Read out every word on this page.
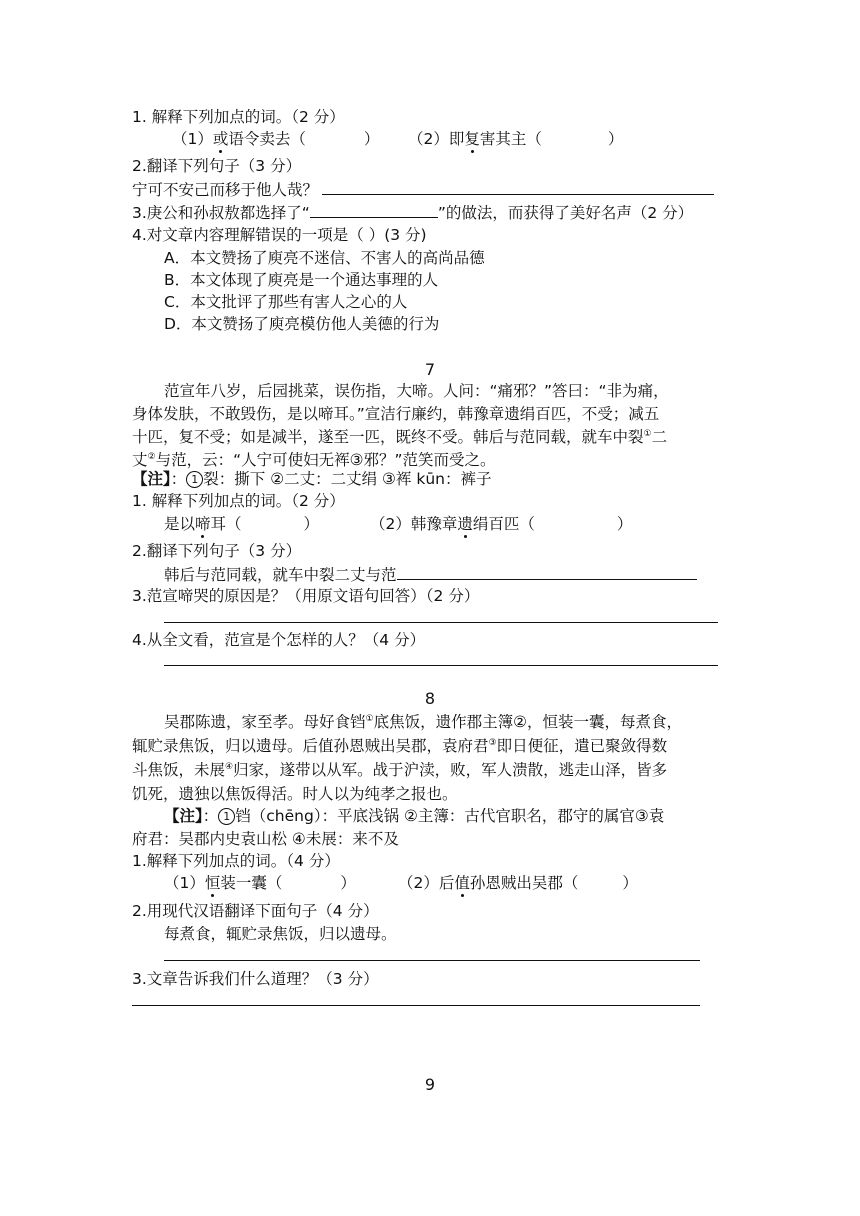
1. 解释下列加点的词。（2 分）
（1）或语令卖去（	） （2）即复害其主（	）
2.翻译下列句子（3 分）
宁可不安己而移于他人哉？
3.庚公和孙叔敖都选择了“	”的做法，而获得了美好名声（2 分）
4.对文章内容理解错误的一项是（ ）(3 分)
A．本文赞扬了庾亮不迷信、不害人的高尚品德
B．本文体现了庾亮是一个通达事理的人
C．本文批评了那些有害人之心的人
D．本文赞扬了庾亮模仿他人美德的行为
7
范宣年八岁，后园挑菜，误伤指，大啼。人问：“痛邪？”答曰：“非为痛，
身体发肤，不敢毁伤，是以啼耳。”宣洁行廉约，韩豫章遗绢百匹，不受；减五
十匹，复不受；如是减半，遂至一匹，既终不受。韩后与范同载，就车中裂①二
丈②与范，云：“人宁可使妇无裈③邪？”范笑而受之。
【注】： 1 裂：撕下 ②二丈：二丈绢 ③裈 kūn：裤子
1. 解释下列加点的词。（2 分）
是以啼耳（	）	（2）韩豫章遗绢百匹（	）
2.翻译下列句子（3 分）
韩后与范同载，就车中裂二丈与范
3.范宣啼哭的原因是？（用原文语句回答）（2 分）
4.从全文看，范宣是个怎样的人？（4 分）
8
吴郡陈遗，家至孝。母好食铛①底焦饭，遗作郡主簿②，恒装一囊，每煮食，
辄贮录焦饭，归以遗母。后值孙恩贼出吴郡，袁府君③即日便征，遣已聚敛得数
斗焦饭，未展④归家，遂带以从军。战于沪渎，败，军人溃散，逃走山泽，皆多
饥死，遗独以焦饭得活。时人以为纯孝之报也。
【注】： 1 铛（chēng）：平底浅锅 ②主簿：古代官职名，郡守的属官③袁
府君：吴郡内史袁山松 ④未展：来不及
1.解释下列加点的词。（4 分）
（1）恒装一囊（	）	（2）后值孙恩贼出吴郡（	）
2.用现代汉语翻译下面句子（4 分）
每煮食，辄贮录焦饭，归以遗母。
3.文章告诉我们什么道理？（3 分）
9
